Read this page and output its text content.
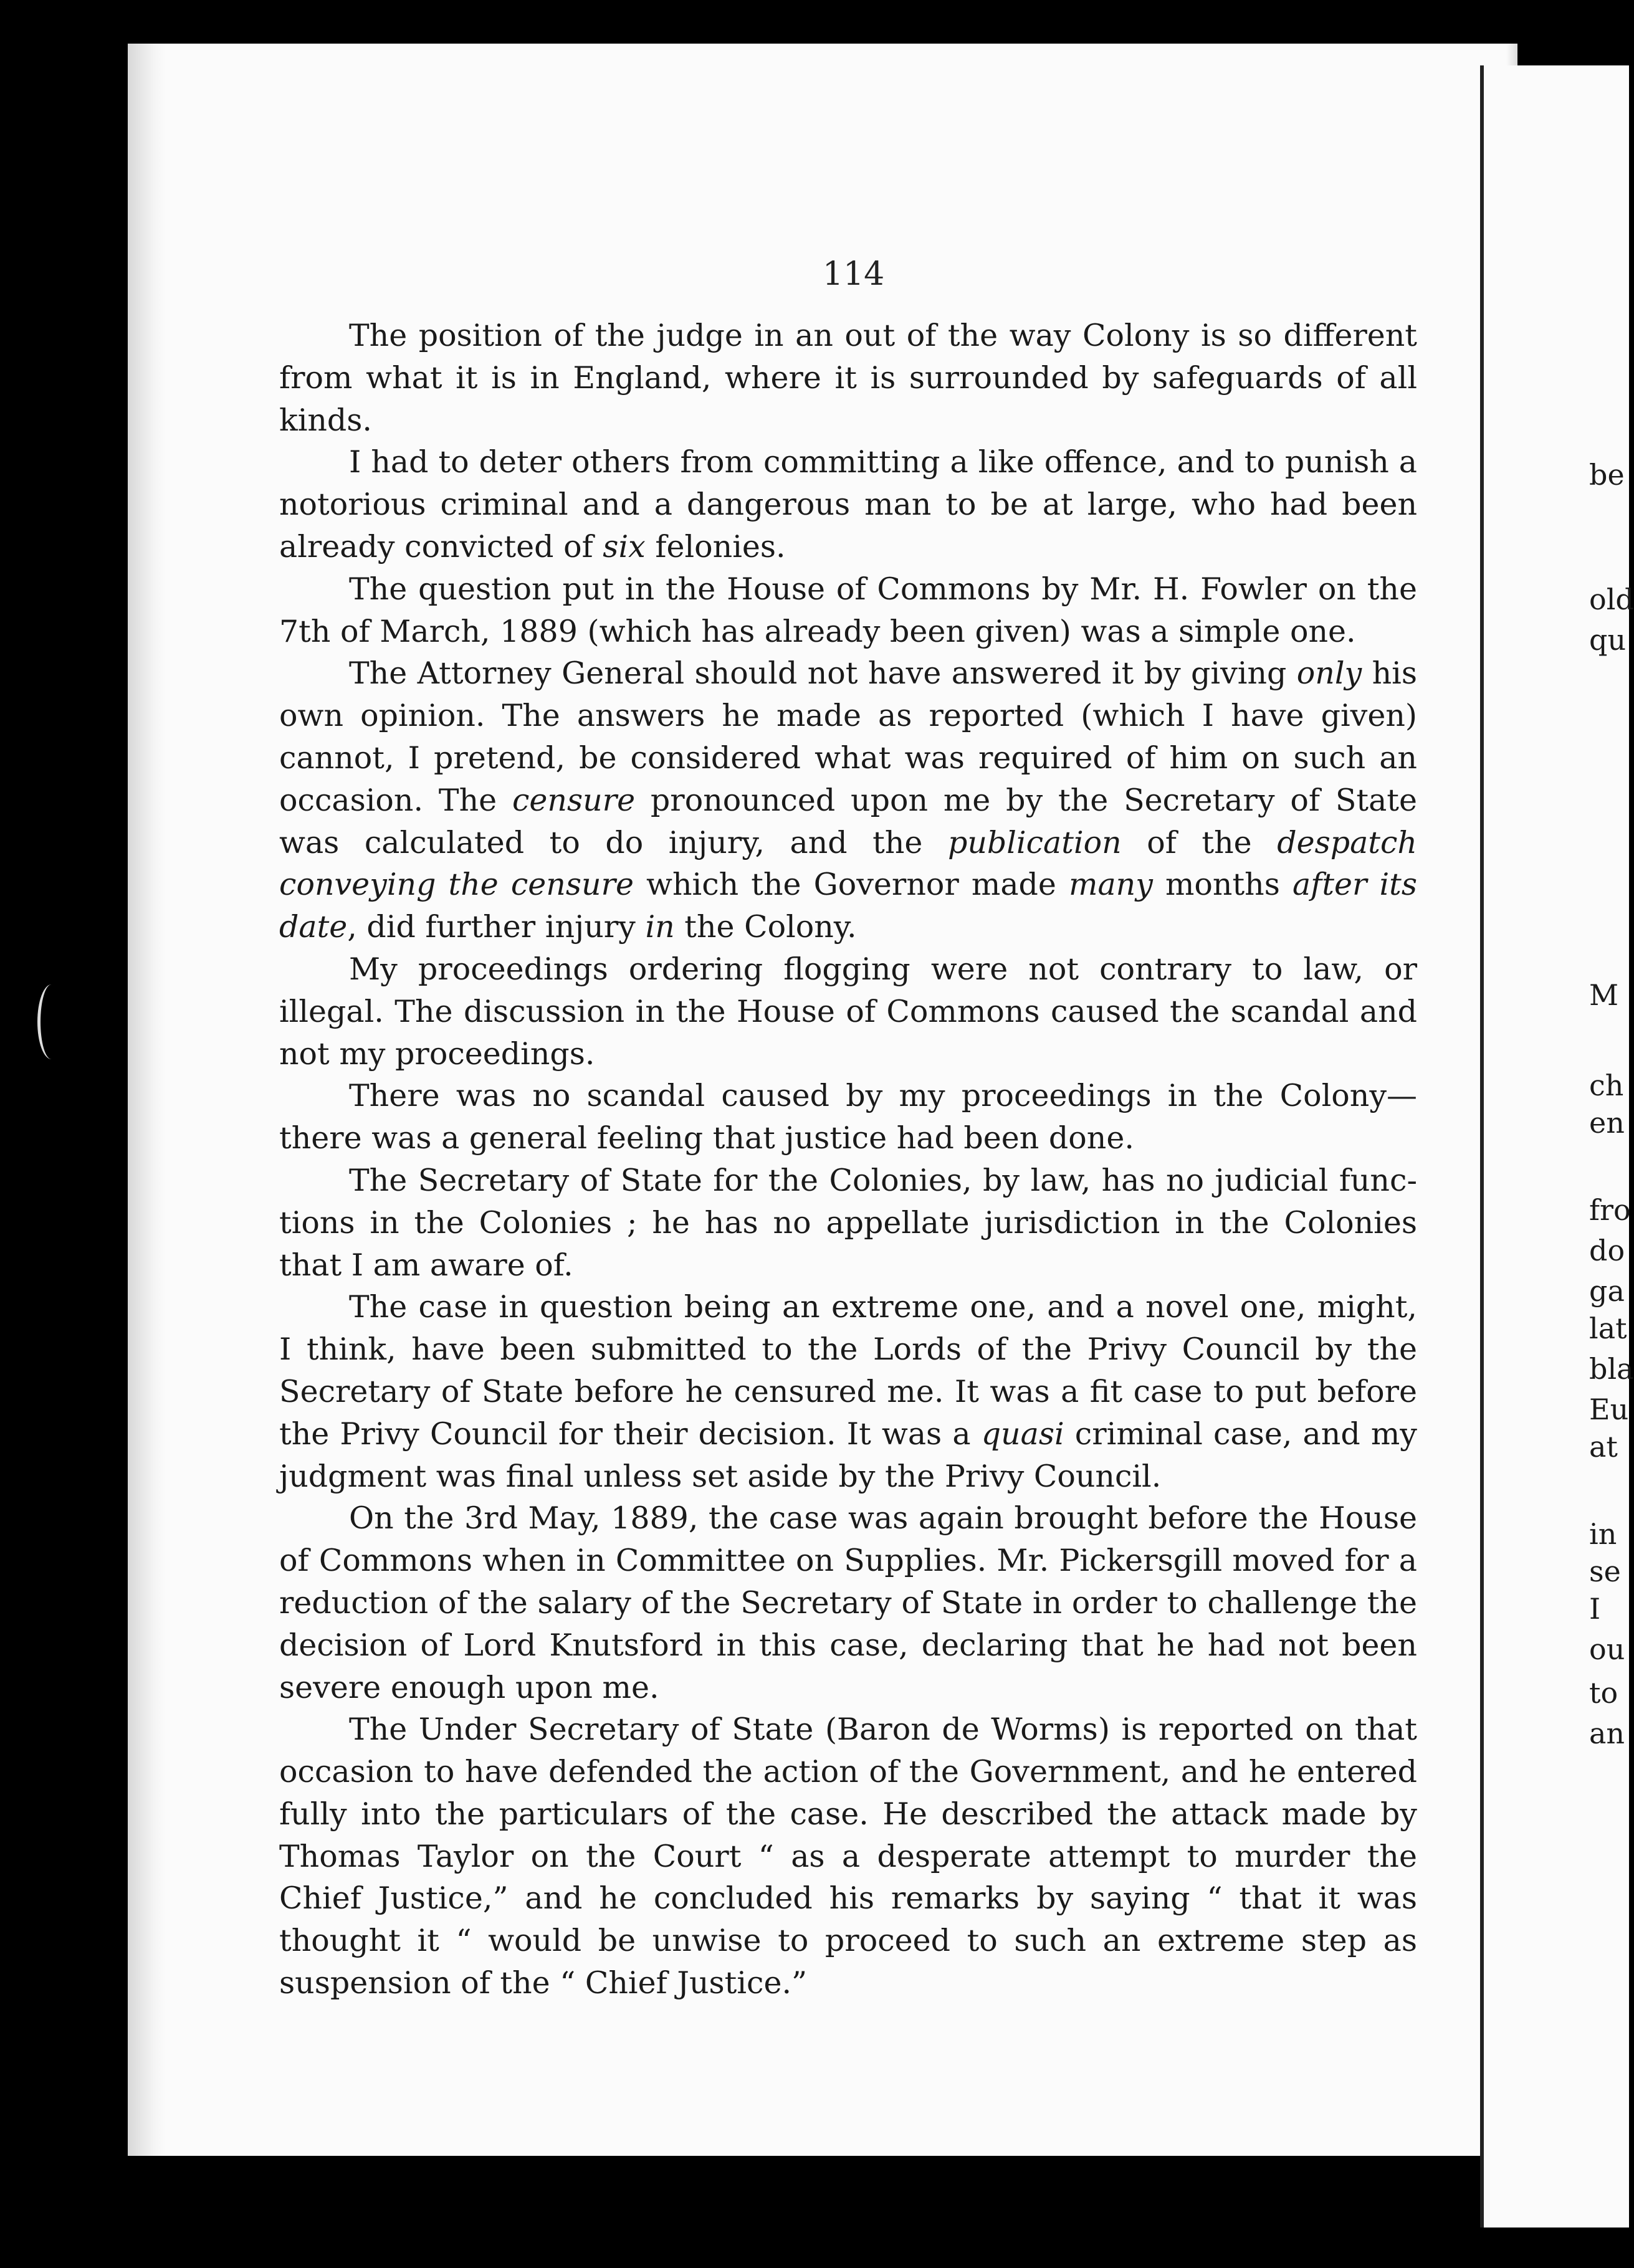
114

The position of the judge in an out of the way Colony is so different from what it is in England, where it is surrounded by safeguards of all kinds.

I had to deter others from committing a like offence, and to punish a notorious criminal and a dangerous man to be at large, who had been already convicted of six felonies.

The question put in the House of Commons by Mr. H. Fowler on the 7th of March, 1889 (which has already been given) was a simple one.

The Attorney General should not have answered it by giving only his own opinion. The answers he made as reported (which I have given) cannot, I pretend, be considered what was required of him on such an occasion. The censure pronounced upon me by the Secretary of State was calculated to do injury, and the publication of the despatch conveying the censure which the Governor made many months after its date, did further injury in the Colony.

My proceedings ordering flogging were not contrary to law, or illegal. The discussion in the House of Commons caused the scandal and not my proceedings.

There was no scandal caused by my proceedings in the Colony—there was a general feeling that justice had been done.

The Secretary of State for the Colonies, by law, has no judicial functions in the Colonies ; he has no appellate jurisdiction in the Colonies that I am aware of.

The case in question being an extreme one, and a novel one, might, I think, have been submitted to the Lords of the Privy Council by the Secretary of State before he censured me. It was a fit case to put before the Privy Council for their decision. It was a quasi criminal case, and my judgment was final unless set aside by the Privy Council.

On the 3rd May, 1889, the case was again brought before the House of Commons when in Committee on Supplies. Mr. Pickersgill moved for a reduction of the salary of the Secretary of State in order to challenge the decision of Lord Knutsford in this case, declaring that he had not been severe enough upon me.

The Under Secretary of State (Baron de Worms) is reported on that occasion to have defended the action of the Government, and he entered fully into the particulars of the case. He described the attack made by Thomas Taylor on the Court “ as a desperate attempt to murder the Chief Justice,” and he concluded his remarks by saying “ that it was thought it “ would be unwise to proceed to such an extreme step as suspension of the “ Chief Justice.”

be
old
qu
M
ch
en
fro
do
ga
lat
bla
Eu
at
in
se
I
ou
to
an
